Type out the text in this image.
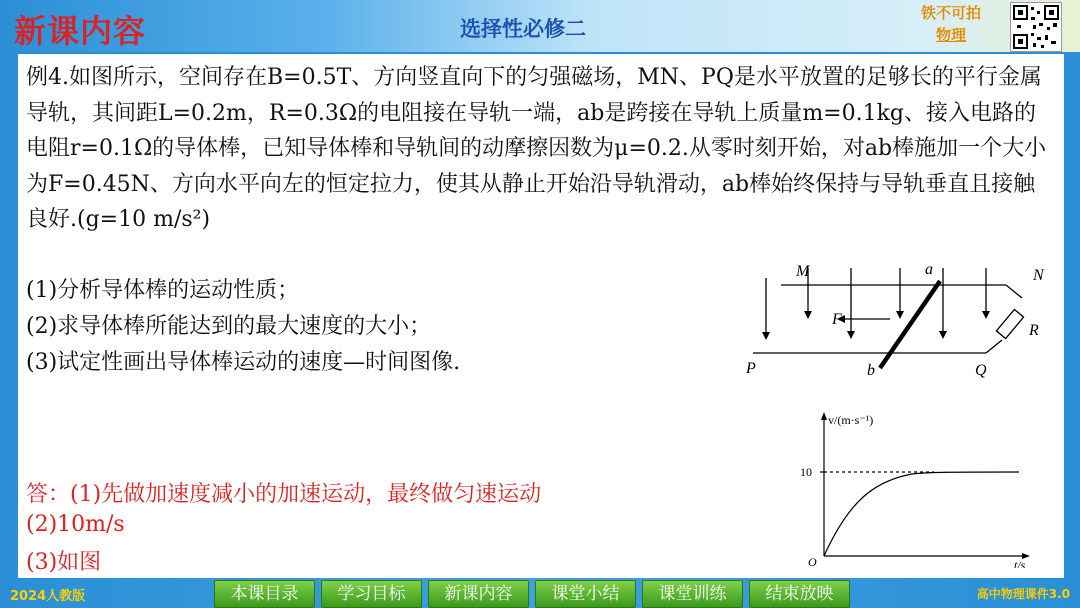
新课内容	选择性必修二
铁不可拍
物理
例4.如图所示，空间存在B=0.5T、方向竖直向下的匀强磁场，MN、PQ是水平放置的足够长的平行金属导轨，其间距L=0.2m，R=0.3Ω的电阻接在导轨一端，ab是跨接在导轨上质量m=0.1kg、接入电路的电阻r=0.1Ω的导体棒，已知导体棒和导轨间的动摩擦因数为μ=0.2.从零时刻开始，对ab棒施加一个大小为F=0.45N、方向水平向左的恒定拉力，使其从静止开始沿导轨滑动，ab棒始终保持与导轨垂直且接触良好.(g=10 m/s²)
(1)分析导体棒的运动性质；
(2)求导体棒所能达到的最大速度的大小；
(3)试定性画出导体棒运动的速度—时间图像.
答：(1)先做加速度减小的加速运动，最终做匀速运动
(2)10m/s
(3)如图
M	N
P	Q
a
b
F
R
v/(m·s⁻¹)
t/s
O
10
2024人教版	本课目录	学习目标	新课内容	课堂小结	课堂训练	结束放映	高中物理课件3.0
